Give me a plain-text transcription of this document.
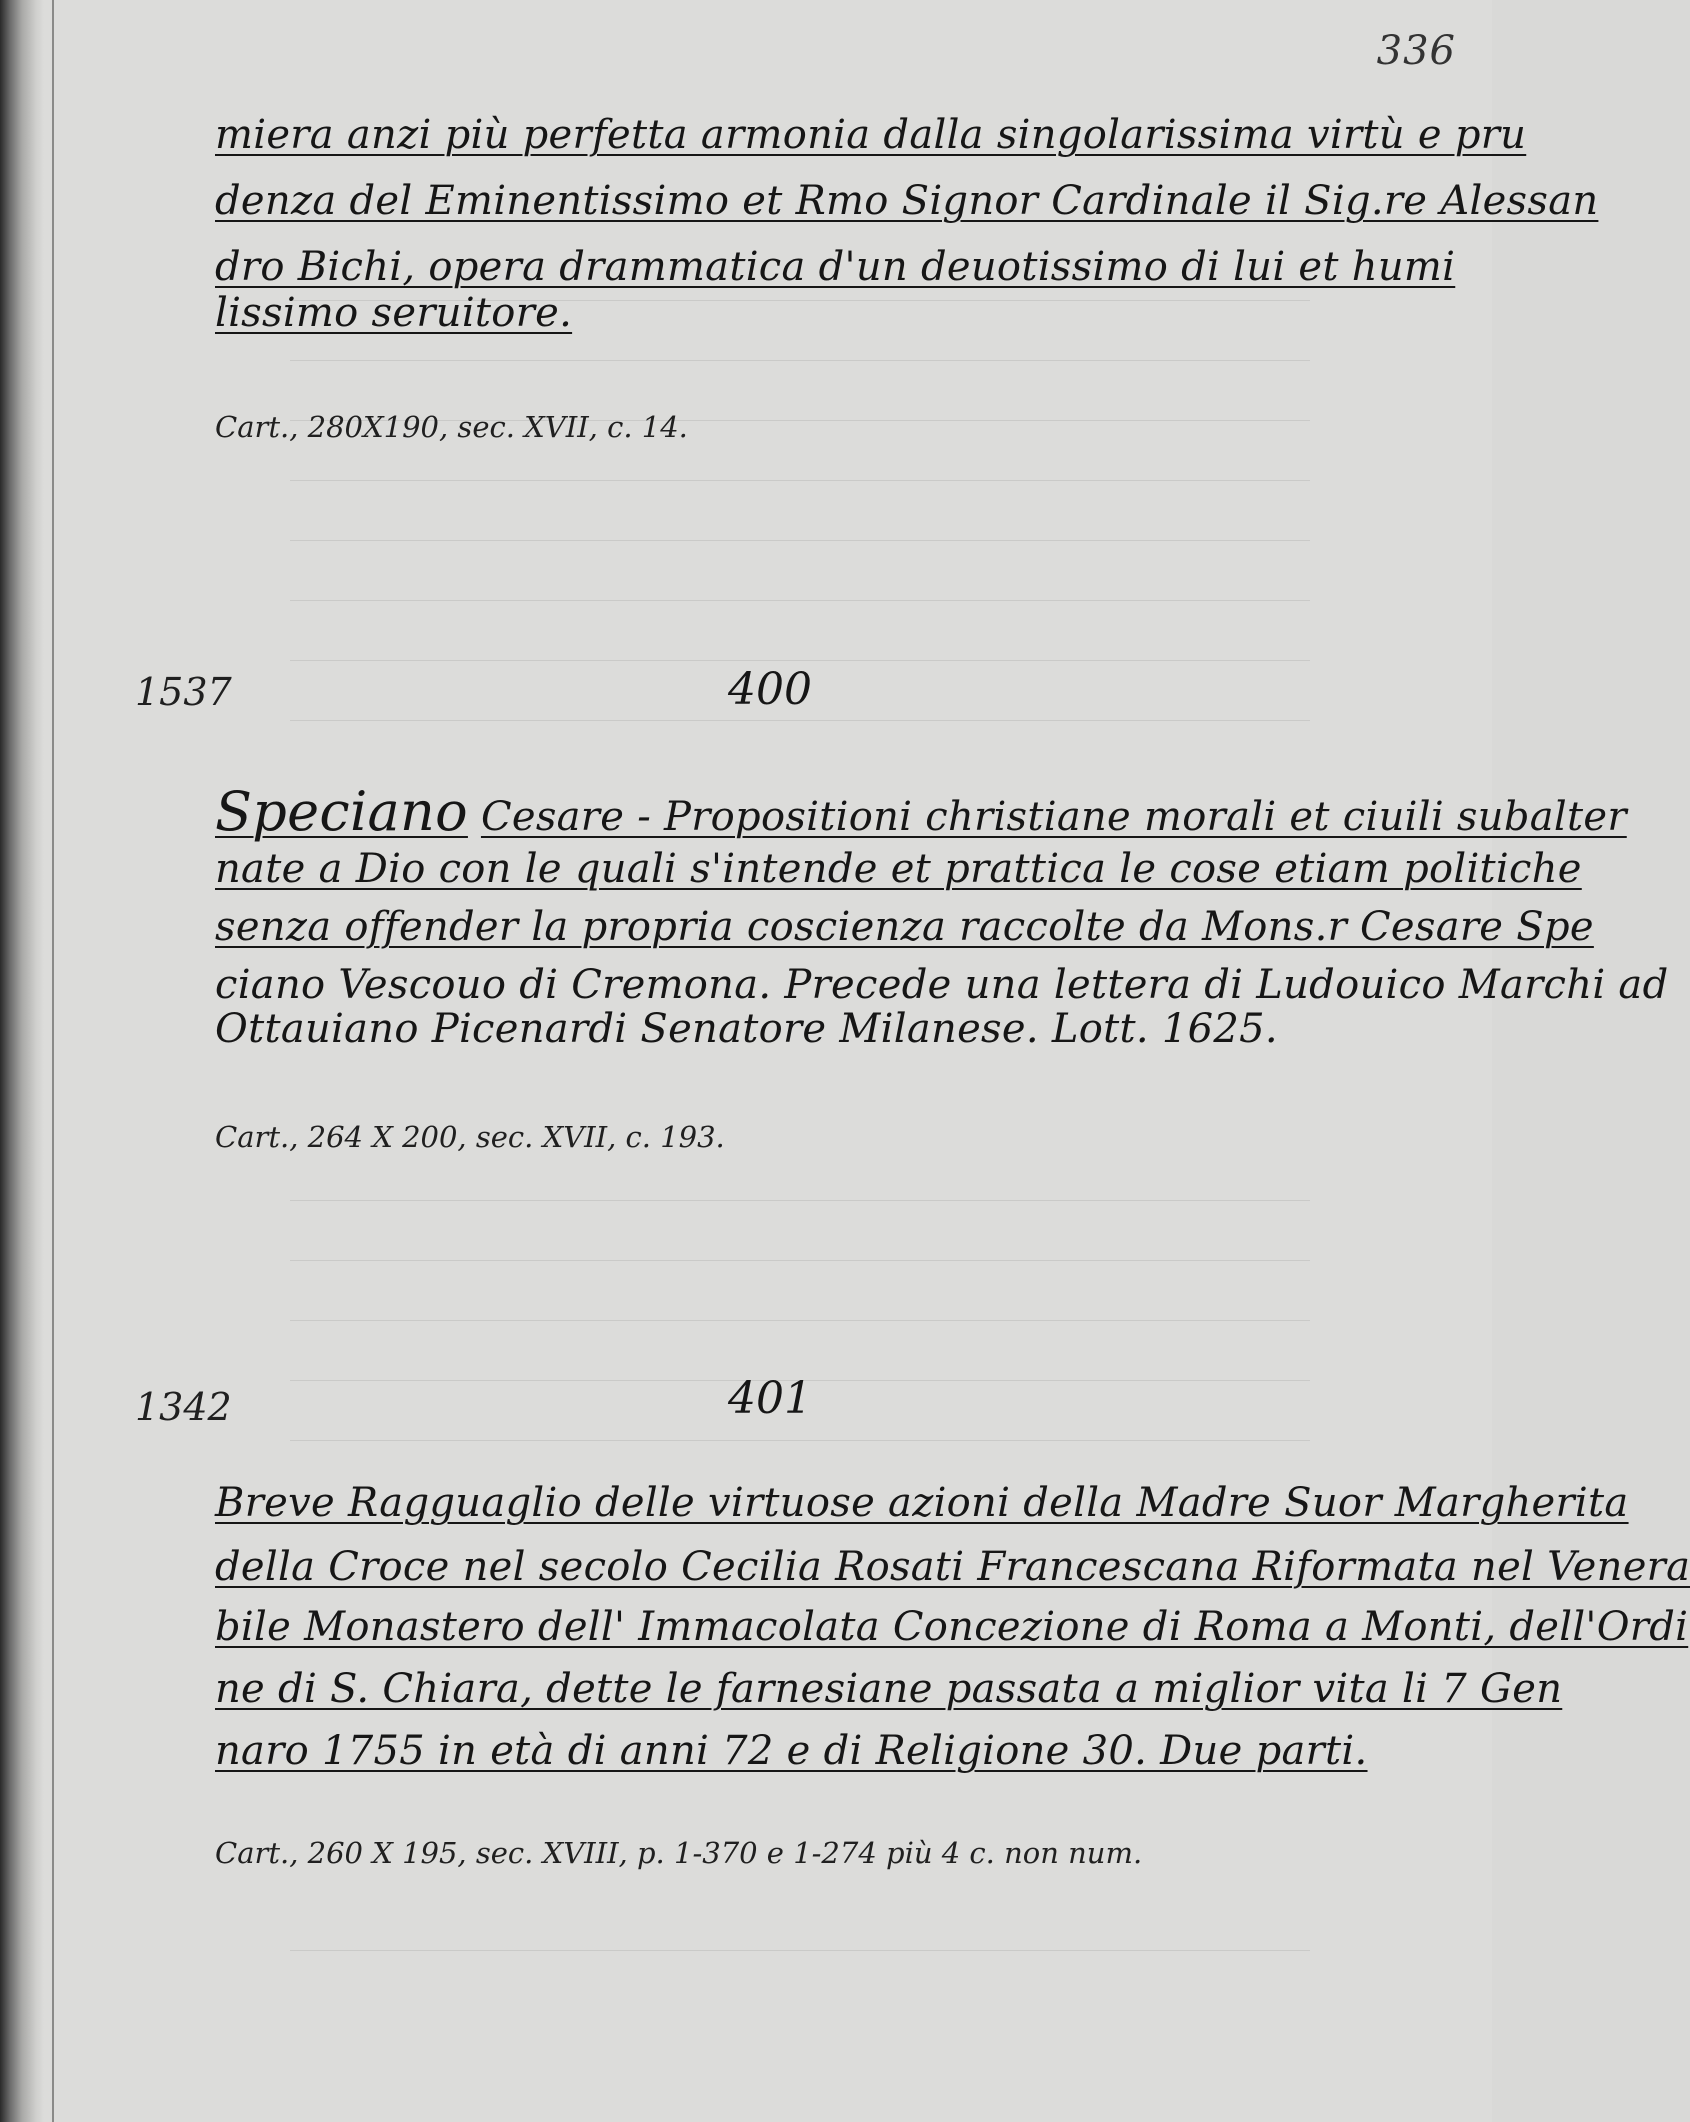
336
miera anzi più perfetta armonia dalla singolarissima virtù e pru
denza del Eminentissimo et Rmo Signor Cardinale il Sig.re Alessan
dro Bichi, opera drammatica d'un deuotissimo di lui et humi
lissimo seruitore.
Cart., 280X190, sec. XVII, c. 14.
1537	400
Speciano Cesare - Propositioni christiane morali et ciuili subalter
nate a Dio con le quali s'intende et prattica le cose etiam politiche
senza offender la propria coscienza raccolte da Mons.r Cesare Spe
ciano Vescouo di Cremona. Precede una lettera di Ludouico Marchi ad
Ottauiano Picenardi Senatore Milanese. Lott. 1625.
Cart., 264 X 200, sec. XVII, c. 193.
1342	401
Breve Ragguaglio delle virtuose azioni della Madre Suor Margherita
della Croce nel secolo Cecilia Rosati Francescana Riformata nel Venera
bile Monastero dell' Immacolata Concezione di Roma a Monti, dell'Ordi
ne di S. Chiara, dette le farnesiane passata a miglior vita li 7 Gen
naro 1755 in età di anni 72 e di Religione 30. Due parti.
Cart., 260 X 195, sec. XVIII, p. 1-370 e 1-274 più 4 c. non num.
